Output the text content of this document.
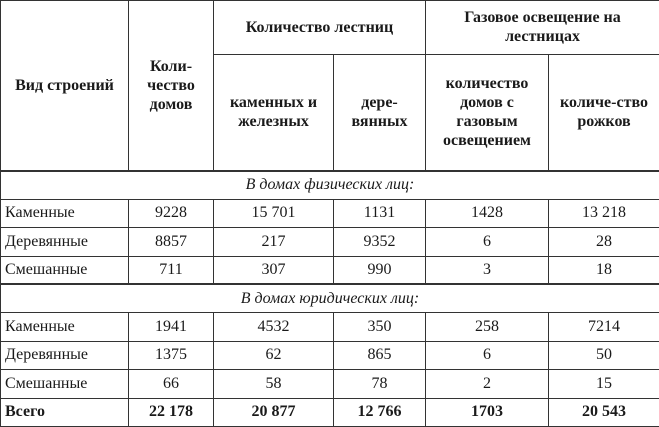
Вид строений	Коли-чество домов	Количество лестниц		Газовое освещение на лестницах	
		каменных и железных	дере-вянных	количество домов с газовым освещением	количе-ство рожков
В домах физических лиц:					
Каменные	9228	15 701	1131	1428	13 218
Деревянные	8857	217	9352	6	28
Смешанные	711	307	990	3	18
В домах юридических лиц:					
Каменные	1941	4532	350	258	7214
Деревянные	1375	62	865	6	50
Смешанные	66	58	78	2	15
Всего	22 178	20 877	12 766	1703	20 543
